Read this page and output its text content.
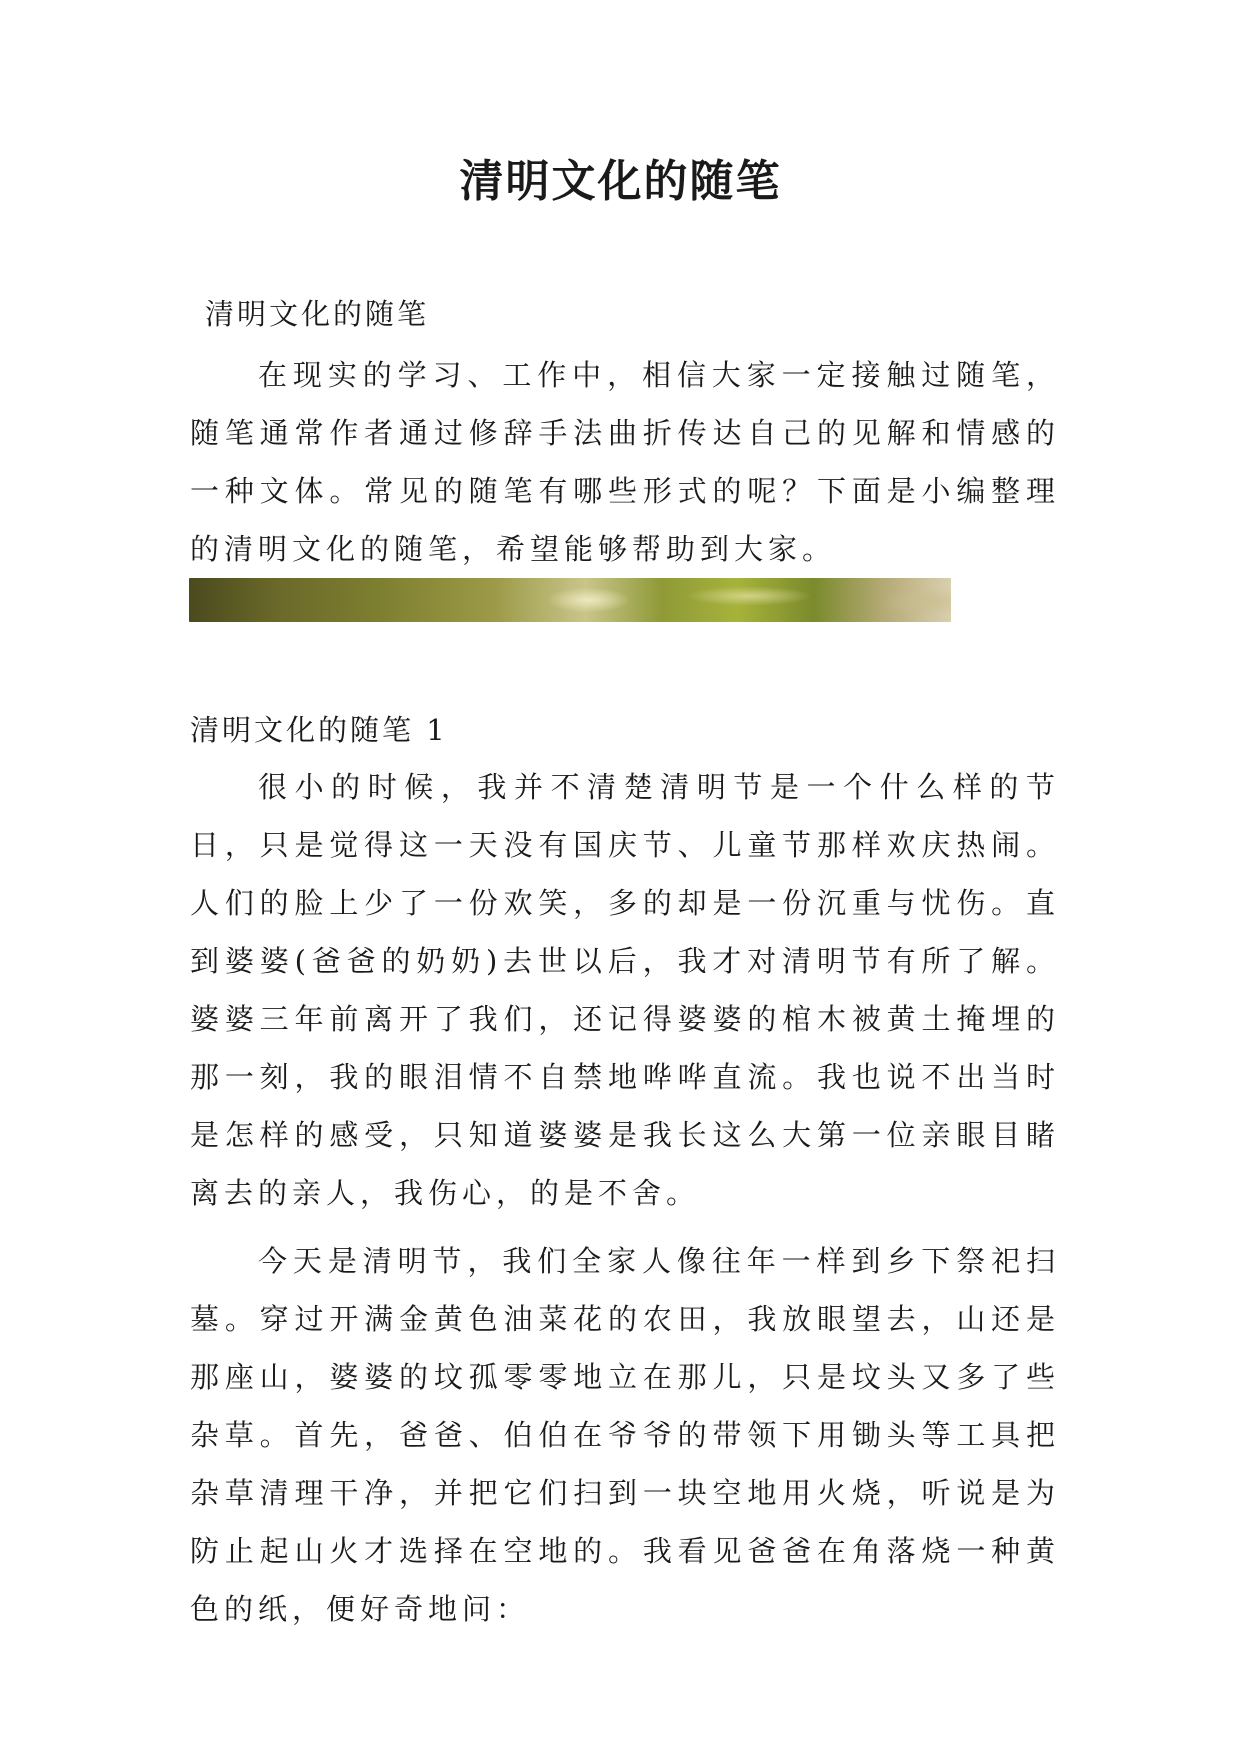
清明文化的随笔

清明文化的随笔

在现实的学习、工作中，相信大家一定接触过随笔，随笔通常作者通过修辞手法曲折传达自己的见解和情感的一种文体。常见的随笔有哪些形式的呢？下面是小编整理的清明文化的随笔，希望能够帮助到大家。

清明文化的随笔 1

很小的时候，我并不清楚清明节是一个什么样的节日，只是觉得这一天没有国庆节、儿童节那样欢庆热闹。人们的脸上少了一份欢笑，多的却是一份沉重与忧伤。直到婆婆(爸爸的奶奶)去世以后，我才对清明节有所了解。婆婆三年前离开了我们，还记得婆婆的棺木被黄土掩埋的那一刻，我的眼泪情不自禁地哗哗直流。我也说不出当时是怎样的感受，只知道婆婆是我长这么大第一位亲眼目睹离去的亲人，我伤心，的是不舍。

今天是清明节，我们全家人像往年一样到乡下祭祀扫墓。穿过开满金黄色油菜花的农田，我放眼望去，山还是那座山，婆婆的坟孤零零地立在那儿，只是坟头又多了些杂草。首先，爸爸、伯伯在爷爷的带领下用锄头等工具把杂草清理干净，并把它们扫到一块空地用火烧，听说是为防止起山火才选择在空地的。我看见爸爸在角落烧一种黄色的纸，便好奇地问：
